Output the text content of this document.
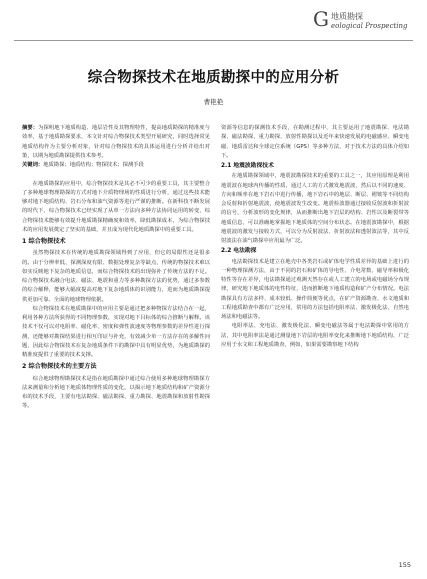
G 地质勘探
eological Prospecting
综合物探技术在地质勘探中的应用分析
曹艳艳

摘要：为探明地下地质构造、地层岩性及其物理特性，提高地质勘探的精准度与效率，基于地质勘探要求，本文针对综合物探技术类型开展研究，同时选择常见地质结构作为主要分析对象，针对综合物探技术的具体运用进行分析并给出对策，以期为地质勘探提供技术参考。

关键词：地质勘探；地质结构；物探技术；探测手段

在地质勘探的应用中，综合物探技术是其必不可少的重要工具，其主要整合了多种地球物理勘探的方式对地下介质物理场的性质进行分析，通过这些技术能够对地下地质结构、岩石分布和油气资源等进行严谨的推断。在新科技不断发展的时代下，综合物探技术已经实现了从单一方法向多种方法协同运用的转变，综合物探技术能够有效提升地质勘探精确度和效率，降低勘探成本，为综合物探技术的应用发展奠定了坚实的基础，并且成为现代化地质勘探中的重要工具。

1 综合物探技术

虽然物探技术在传统的地质勘探领域得到了应用，但它的局限性还是很多的。由于分辨率低、探测深度有限、数据处理复杂等缺点，传统的物探技术难以如实反映地下复杂的地质信息，而综合物探技术的出现弥补了传统方法的不足。综合物探技术融合电法、磁法、地震和重力等多种勘探方法的优势，通过多参数的综合解释，能够大幅度提高对地下复杂地质体的识别能力，进而为地质勘探提供更加可靠、全面的地球物理依据。

综合物探技术在地质勘探中的应用主要是通过把多种物探方法结合在一起，利用各种方法所获得的不同物理参数，实现对地下目标体的综合推断与解释。该技术不仅可以对电阻率、磁化率、密度和弹性波速度等物理参数的差异性进行探测，还能够对勘探结果进行相互印证与补充，有效减少单一方法存在的多解性问题，因此综合物探技术在复杂地质条件下的勘探中具有明显优势，为地质勘探的精准度提供了重要的技术支撑。

2 综合物探技术的主要方法

综合地球物理勘探技术是指在地质勘探中通过综合使用多种地球物理勘探方法来测量和分析地下地质体物理性质的变化，以揭示地下地质结构和矿产资源分布的技术手段，主要有电法勘探、磁法勘探、重力勘探、地震勘探和放射性勘探等。

资源等信息的探测技术手段，在勘测过程中，其主要运用了地震勘探、电法勘探、磁法勘探、重力勘探、放射性勘探以及近年来快速发展的电磁感应、瞬变电磁、地质雷达和全球定位系统（GPS）等多种方法，对于技术方法的具体介绍如下。

2.1 地震波勘探技术

在地质勘探领域中，地震波勘探技术的重要的工具之一，其应用原理是利用地震波在地球内传播的性质，通过人工的方式激发地震波，然后以不同的速度、方向和频率在地下岩石中进行传播，地下岩石中的地层、断层、褶皱等不同结构会反射和折射地震波，使地震波发生改变。地震检波器通过接收反射波和折射波的信号，分析波形的变化规律，从而推断出地下岩层的结构、岩性以及断裂带等地质信息，可以准确地掌握地下地质体的空间分布状态。在地震波勘探中，根据地震波的激发与接收方式，可以分为反射波法、折射波法和透射波法等，其中反射波法在油气勘探中应用最为广泛。

2.2 电法勘探

电法勘探技术是建立在地壳中各类岩石或矿体电学性质差异的基础上进行的一种物理探测方法，由于不同的岩石和矿体的导电性、介电常数、磁导率和极化特性等存在差异，电法勘探通过观测天然存在或人工建立的电场或电磁场分布规律，研究地下地质体的电性特征，进而推断地下地质构造和矿产分布情况。电法勘探具有方法多样、成本较低、操作简便等优点，在矿产资源勘查、水文地质和工程地质勘查中都有广泛应用，常用的方法包括电阻率法、激发极化法、自然电场法和电磁法等。

电阻率法、充电法、激发极化法、瞬变电磁法等属于电法勘探中常用的方法，其中电阻率法是通过测量地下岩层的电阻率变化来推断地下地质结构，广泛应用于水文和工程地质勘查，例如，如果需要勘察地下结构

155
